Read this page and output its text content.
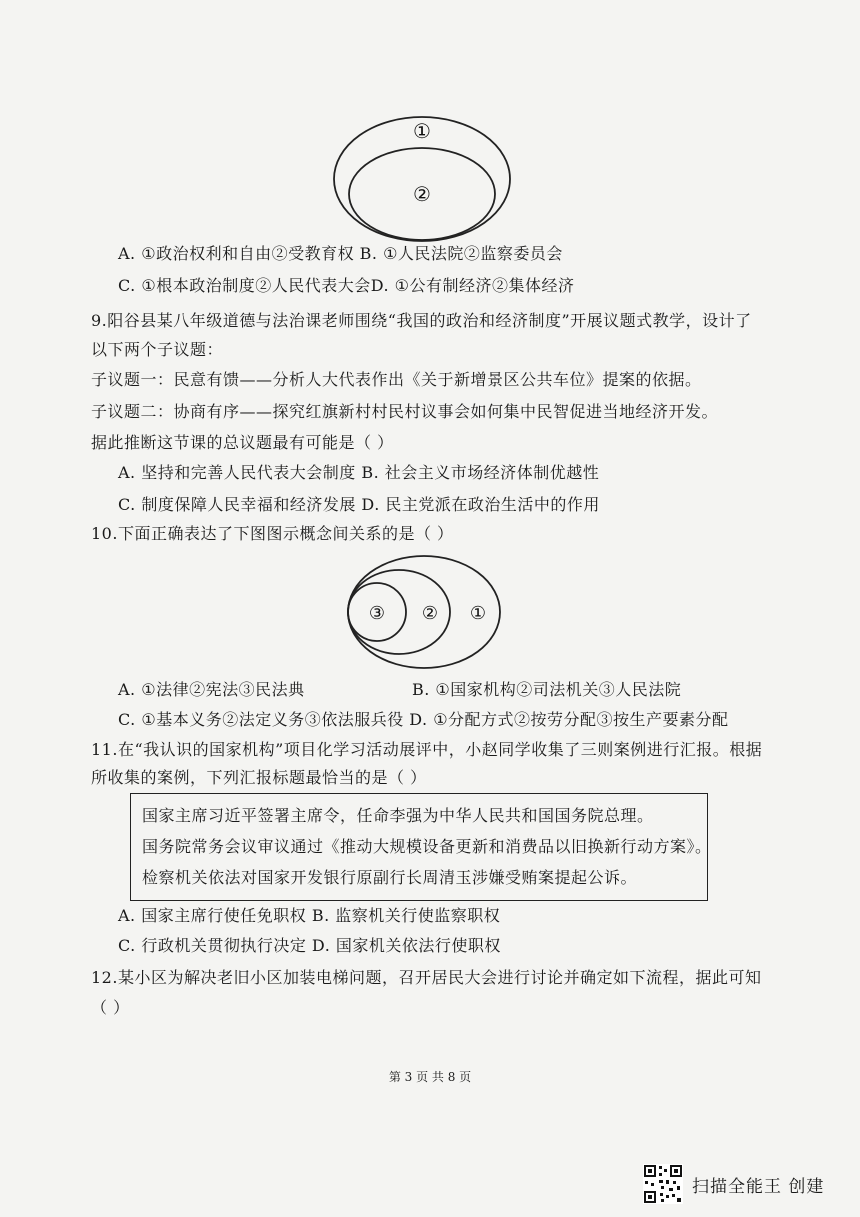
①
②
A. ①政治权利和自由②受教育权 B. ①人民法院②监察委员会
C. ①根本政治制度②人民代表大会D. ①公有制经济②集体经济
9.阳谷县某八年级道德与法治课老师围绕“我国的政治和经济制度”开展议题式教学，设计了
以下两个子议题：
子议题一：民意有馈——分析人大代表作出《关于新增景区公共车位》提案的依据。
子议题二：协商有序——探究红旗新村村民村议事会如何集中民智促进当地经济开发。
据此推断这节课的总议题最有可能是（ ）
A. 坚持和完善人民代表大会制度 B. 社会主义市场经济体制优越性
C. 制度保障人民幸福和经济发展 D. 民主党派在政治生活中的作用
10.下面正确表达了下图图示概念间关系的是（ ）
①
②
③
A. ①法律②宪法③民法典	B. ①国家机构②司法机关③人民法院
C. ①基本义务②法定义务③依法服兵役 D. ①分配方式②按劳分配③按生产要素分配
11.在“我认识的国家机构”项目化学习活动展评中，小赵同学收集了三则案例进行汇报。根据
所收集的案例，下列汇报标题最恰当的是（ ）
国家主席习近平签署主席令，任命李强为中华人民共和国国务院总理。
国务院常务会议审议通过《推动大规模设备更新和消费品以旧换新行动方案》。
检察机关依法对国家开发银行原副行长周清玉涉嫌受贿案提起公诉。
A. 国家主席行使任免职权 B. 监察机关行使监察职权
C. 行政机关贯彻执行决定 D. 国家机关依法行使职权
12.某小区为解决老旧小区加装电梯问题，召开居民大会进行讨论并确定如下流程，据此可知
（ ）
第 3 页 共 8 页
扫描全能王 创建
